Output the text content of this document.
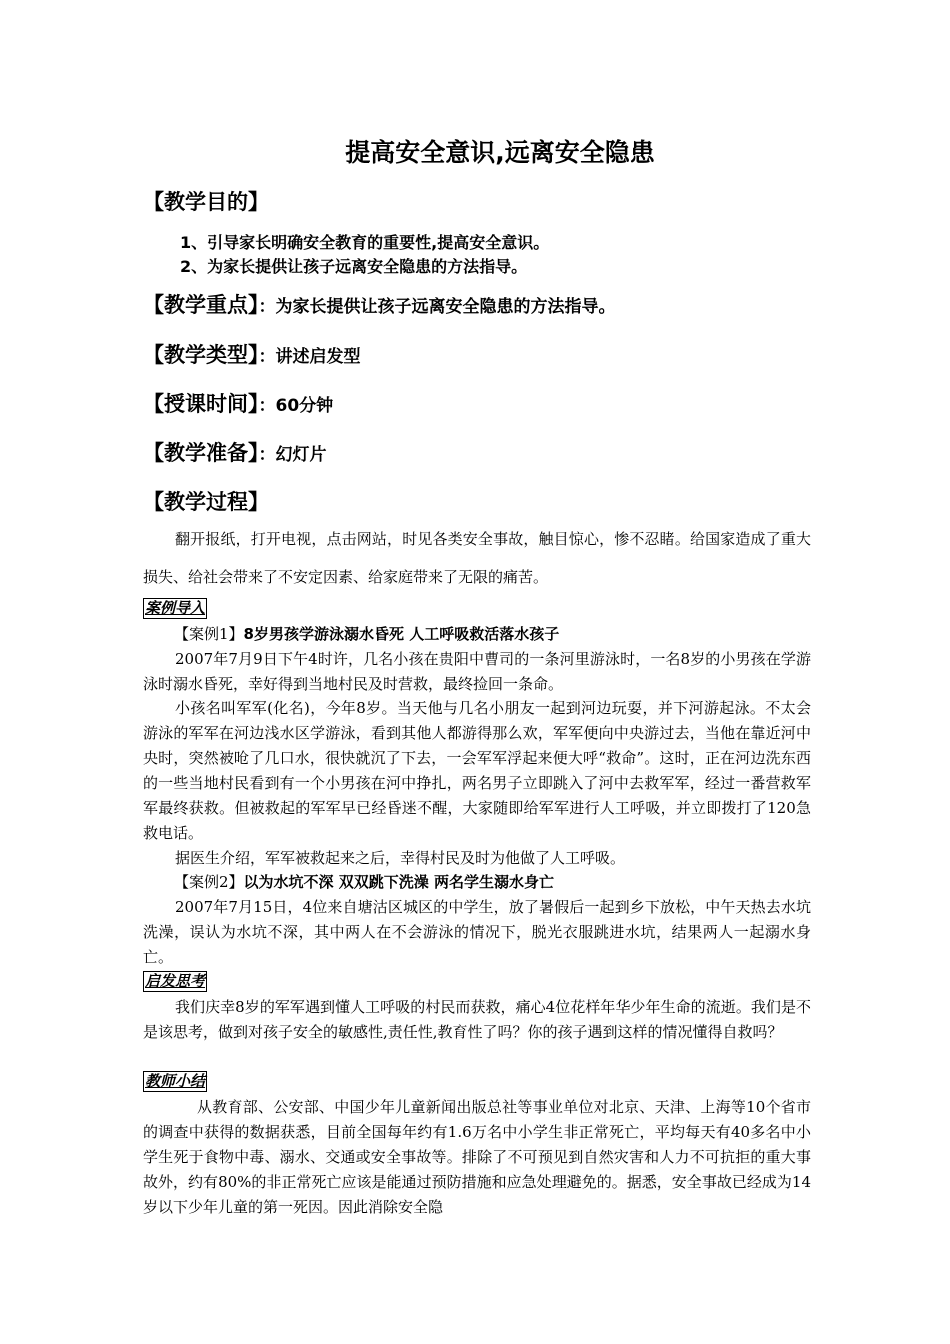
提高安全意识,远离安全隐患
【教学目的】
1、引导家长明确安全教育的重要性,提高安全意识。
2、为家长提供让孩子远离安全隐患的方法指导。
【教学重点】：为家长提供让孩子远离安全隐患的方法指导。
【教学类型】：讲述启发型
【授课时间】：60分钟
【教学准备】：幻灯片
【教学过程】
翻开报纸，打开电视，点击网站，时见各类安全事故，触目惊心，惨不忍睹。给国家造成了重大损失、给社会带来了不安定因素、给家庭带来了无限的痛苦。
案例导入
【案例1】8岁男孩学游泳溺水昏死 人工呼吸救活落水孩子
2007年7月9日下午4时许，几名小孩在贵阳中曹司的一条河里游泳时，一名8岁的小男孩在学游泳时溺水昏死，幸好得到当地村民及时营救，最终捡回一条命。
小孩名叫军军(化名)，今年8岁。当天他与几名小朋友一起到河边玩耍，并下河游起泳。不太会游泳的军军在河边浅水区学游泳，看到其他人都游得那么欢，军军便向中央游过去，当他在靠近河中央时，突然被呛了几口水，很快就沉了下去，一会军军浮起来便大呼“救命”。这时，正在河边洗东西的一些当地村民看到有一个小男孩在河中挣扎，两名男子立即跳入了河中去救军军，经过一番营救军军最终获救。但被救起的军军早已经昏迷不醒，大家随即给军军进行人工呼吸，并立即拨打了120急救电话。
据医生介绍，军军被救起来之后，幸得村民及时为他做了人工呼吸。
【案例2】以为水坑不深 双双跳下洗澡 两名学生溺水身亡
2007年7月15日，4位来自塘沽区城区的中学生，放了暑假后一起到乡下放松，中午天热去水坑洗澡，误认为水坑不深，其中两人在不会游泳的情况下，脱光衣服跳进水坑，结果两人一起溺水身亡。
启发思考
我们庆幸8岁的军军遇到懂人工呼吸的村民而获救，痛心4位花样年华少年生命的流逝。我们是不是该思考，做到对孩子安全的敏感性,责任性,教育性了吗？你的孩子遇到这样的情况懂得自救吗？
教师小结
从教育部、公安部、中国少年儿童新闻出版总社等事业单位对北京、天津、上海等10个省市的调查中获得的数据获悉，目前全国每年约有1.6万名中小学生非正常死亡，平均每天有40多名中小学生死于食物中毒、溺水、交通或安全事故等。排除了不可预见到自然灾害和人力不可抗拒的重大事故外，约有80%的非正常死亡应该是能通过预防措施和应急处理避免的。据悉，安全事故已经成为14岁以下少年儿童的第一死因。因此消除安全隐
